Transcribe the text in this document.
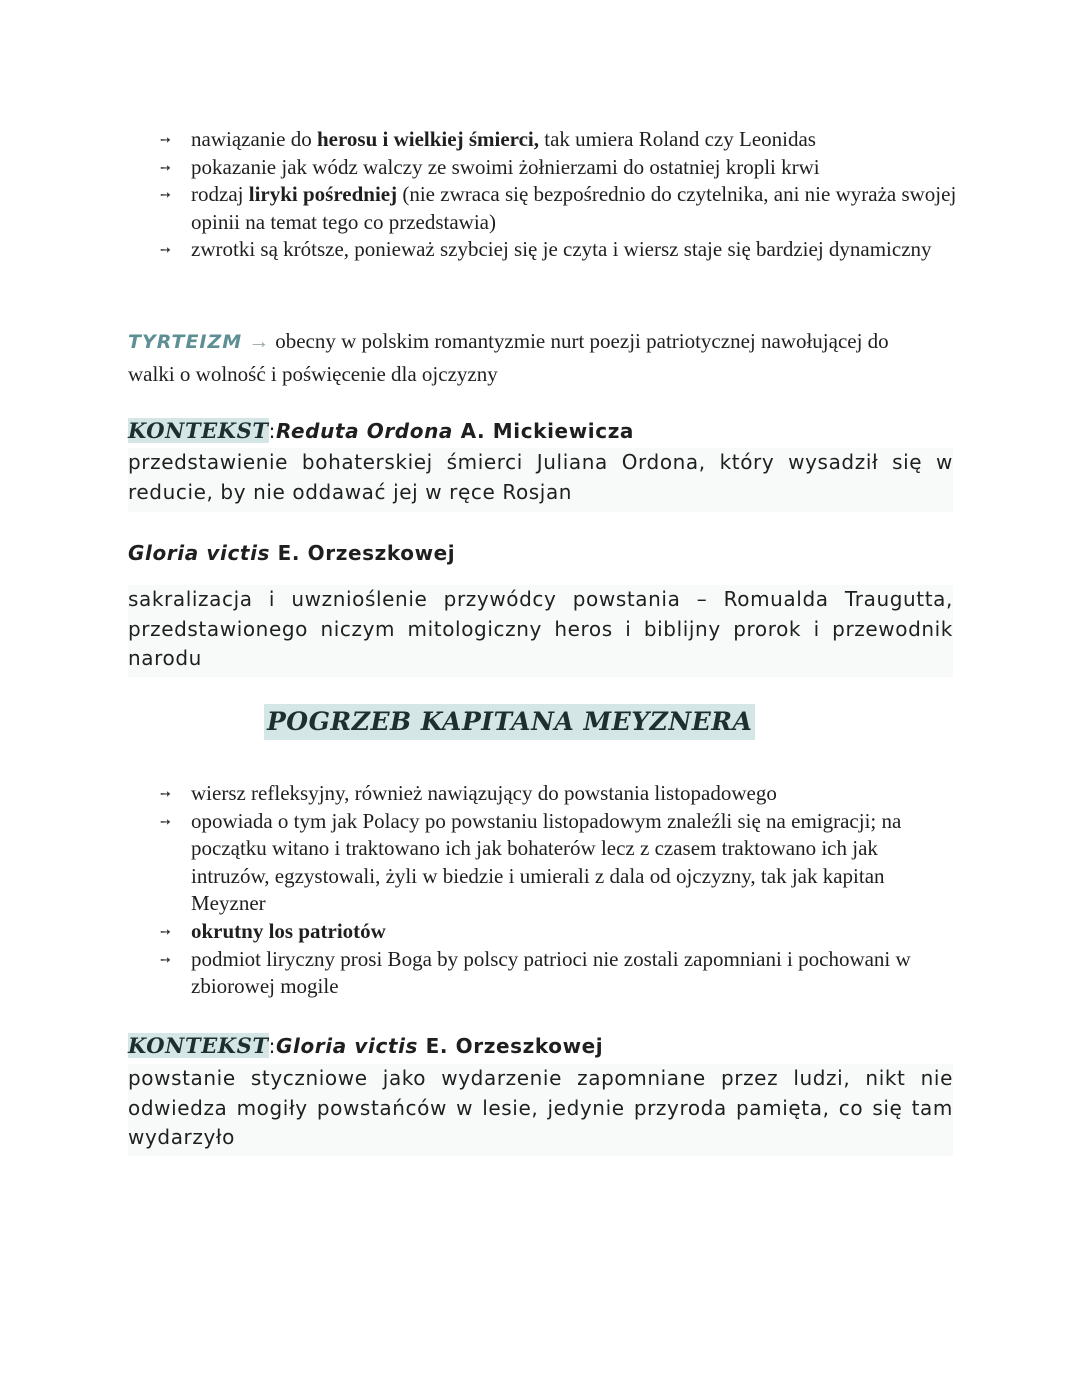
➙ nawiązanie do herosu i wielkiej śmierci, tak umiera Roland czy Leonidas
➙ pokazanie jak wódz walczy ze swoimi żołnierzami do ostatniej kropli krwi
➙ rodzaj liryki pośredniej (nie zwraca się bezpośrednio do czytelnika, ani nie wyraża swojej opinii na temat tego co przedstawia)
➙ zwrotki są krótsze, ponieważ szybciej się je czyta i wiersz staje się bardziej dynamiczny
TYRTEIZM → obecny w polskim romantyzmie nurt poezji patriotycznej nawołującej do walki o wolność i poświęcenie dla ojczyzny
KONTEKST:Reduta Ordona A. Mickiewicza
przedstawienie bohaterskiej śmierci Juliana Ordona, który wysadził się w reducie, by nie oddawać jej w ręce Rosjan
Gloria victis E. Orzeszkowej
sakralizacja i uwznioślenie przywódcy powstania – Romualda Traugutta, przedstawionego niczym mitologiczny heros i biblijny prorok i przewodnik narodu
POGRZEB KAPITANA MEYZNERA
➙ wiersz refleksyjny, również nawiązujący do powstania listopadowego
➙ opowiada o tym jak Polacy po powstaniu listopadowym znaleźli się na emigracji; na początku witano i traktowano ich jak bohaterów lecz z czasem traktowano ich jak intruzów, egzystowali, żyli w biedzie i umierali z dala od ojczyzny, tak jak kapitan Meyzner
➙ okrutny los patriotów
➙ podmiot liryczny prosi Boga by polscy patrioci nie zostali zapomniani i pochowani w zbiorowej mogile
KONTEKST:Gloria victis E. Orzeszkowej
powstanie styczniowe jako wydarzenie zapomniane przez ludzi, nikt nie odwiedza mogiły powstańców w lesie, jedynie przyroda pamięta, co się tam wydarzyło
